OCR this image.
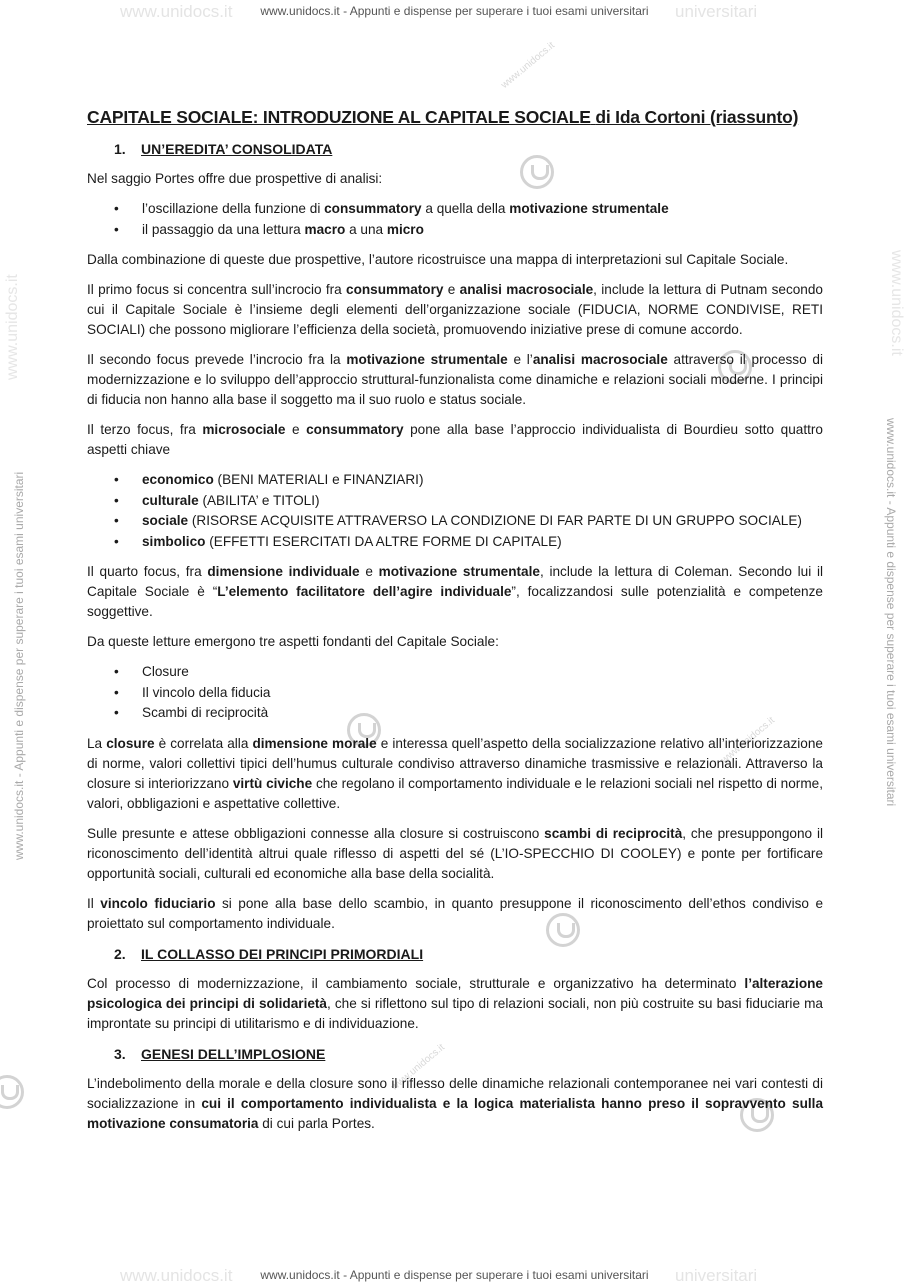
www.unidocs.it	universitari
www.unidocs.it - Appunti e dispense per superare i tuoi esami universitari
www.unidocs.it	universitari
www.unidocs.it - Appunti e dispense per superare i tuoi esami universitari
www.unidocs.it - Appunti e dispense per superare i tuoi esami universitari	www.unidocs.it - Appunti e dispense per superare i tuoi esami universitari
www.unidocs.it	www.unidocs.it
www.unidocs.it
www.unidocs.it
www.unidocs.it
CAPITALE SOCIALE: INTRODUZIONE AL CAPITALE SOCIALE di Ida Cortoni (riassunto)
1. UN’EREDITA’ CONSOLIDATA

Nel saggio Portes offre due prospettive di analisi:

• l’oscillazione della funzione di consummatory a quella della motivazione strumentale
• il passaggio da una lettura macro a una micro

Dalla combinazione di queste due prospettive, l’autore ricostruisce una mappa di interpretazioni sul Capitale Sociale.

Il primo focus si concentra sull’incrocio fra consummatory e analisi macrosociale, include la lettura di Putnam secondo cui il Capitale Sociale è l’insieme degli elementi dell’organizzazione sociale (FIDUCIA, NORME CONDIVISE, RETI SOCIALI) che possono migliorare l’efficienza della società, promuovendo iniziative prese di comune accordo.

Il secondo focus prevede l’incrocio fra la motivazione strumentale e l’analisi macrosociale attraverso il processo di modernizzazione e lo sviluppo dell’approccio struttural-funzionalista come dinamiche e relazioni sociali moderne. I principi di fiducia non hanno alla base il soggetto ma il suo ruolo e status sociale.

Il terzo focus, fra microsociale e consummatory pone alla base l’approccio individualista di Bourdieu sotto quattro aspetti chiave

• economico (BENI MATERIALI e FINANZIARI)
• culturale (ABILITA’ e TITOLI)
• sociale (RISORSE ACQUISITE ATTRAVERSO LA CONDIZIONE DI FAR PARTE DI UN GRUPPO SOCIALE)
• simbolico (EFFETTI ESERCITATI DA ALTRE FORME DI CAPITALE)

Il quarto focus, fra dimensione individuale e motivazione strumentale, include la lettura di Coleman. Secondo lui il Capitale Sociale è “L’elemento facilitatore dell’agire individuale”, focalizzandosi sulle potenzialità e competenze soggettive.

Da queste letture emergono tre aspetti fondanti del Capitale Sociale:

• Closure
• Il vincolo della fiducia
• Scambi di reciprocità

La closure è correlata alla dimensione morale e interessa quell’aspetto della socializzazione relativo all’interiorizzazione di norme, valori collettivi tipici dell’humus culturale condiviso attraverso dinamiche trasmissive e relazionali. Attraverso la closure si interiorizzano virtù civiche che regolano il comportamento individuale e le relazioni sociali nel rispetto di norme, valori, obbligazioni e aspettative collettive.

Sulle presunte e attese obbligazioni connesse alla closure si costruiscono scambi di reciprocità, che presuppongono il riconoscimento dell’identità altrui quale riflesso di aspetti del sé (L’IO-SPECCHIO DI COOLEY) e ponte per fortificare opportunità sociali, culturali ed economiche alla base della socialità.

Il vincolo fiduciario si pone alla base dello scambio, in quanto presuppone il riconoscimento dell’ethos condiviso e proiettato sul comportamento individuale.

2. IL COLLASSO DEI PRINCIPI PRIMORDIALI

Col processo di modernizzazione, il cambiamento sociale, strutturale e organizzativo ha determinato l’alterazione psicologica dei principi di solidarietà, che si riflettono sul tipo di relazioni sociali, non più costruite su basi fiduciarie ma improntate su principi di utilitarismo e di individuazione.

3. GENESI DELL’IMPLOSIONE

L’indebolimento della morale e della closure sono il riflesso delle dinamiche relazionali contemporanee nei vari contesti di socializzazione in cui il comportamento individualista e la logica materialista hanno preso il sopravvento sulla motivazione consumatoria di cui parla Portes.
